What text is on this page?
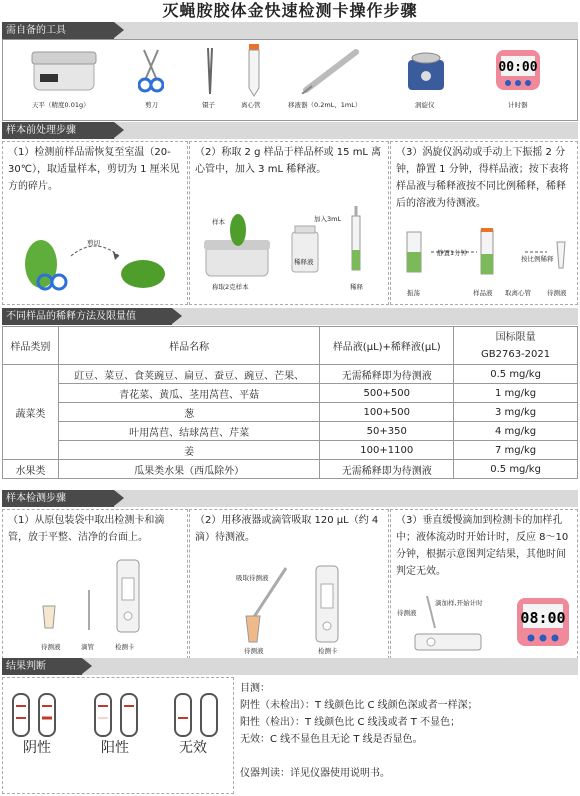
灭蝇胺胶体金快速检测卡操作步骤
需自备的工具
天平（精度0.01g）	剪刀	镊子	离心管	移液器（0.2mL、1mL）	涡旋仪
00:00
计时器
样本前处理步骤
（1）检测前样品需恢复至室温（20-30℃），取适量样本，剪切为 1 厘米见方的碎片。
剪切
（2）称取 2 g 样品于样品杯或 15 mL 离心管中，加入 3 mL 稀释液。
样本	加入3mL
稀释液
称取2克样本	稀释
（3）涡旋仪涡动或手动上下振摇 2 分钟，静置 1 分钟，得样品液；按下表将样品液与稀释液按不同比例稀释，稀释后的溶液为待测液。
静置1分钟
按比例稀释
振荡	样品液 取离心管 待测液
不同样品的稀释方法及限量值
样品类别	样品名称	样品液(μL)+稀释液(μL)	国标限量
GB2763-2021
蔬菜类	豇豆、菜豆、食荚豌豆、扁豆、蚕豆、豌豆、芒果、	无需稀释即为待测液	0.5 mg/kg
	青花菜、黄瓜、茎用莴苣、平菇	500+500	1 mg/kg
	葱	100+500	3 mg/kg
	叶用莴苣、结球莴苣、芹菜	50+350	4 mg/kg
	姜	100+1100	7 mg/kg
水果类	瓜果类水果（西瓜除外）	无需稀释即为待测液	0.5 mg/kg
样本检测步骤
（1）从原包装袋中取出检测卡和滴管，放于平整、洁净的台面上。
待测液	滴管	检测卡
（2）用移液器或滴管吸取 120 μL（约 4 滴）待测液。
吸取待测液
待测液	检测卡
（3）垂直缓慢滴加到检测卡的加样孔中；液体流动时开始计时，反应 8～10 分钟，根据示意图判定结果，其他时间判定无效。
08:00
待测液
滴加样,开始计时
结果判断
阴性	阳性	无效
目测：
阴性（未检出）：T 线颜色比 C 线颜色深或者一样深；
阳性（检出）：T 线颜色比 C 线浅或者 T 不显色；
无效：C 线不显色且无论 T 线是否显色。
仪器判读：详见仪器使用说明书。
